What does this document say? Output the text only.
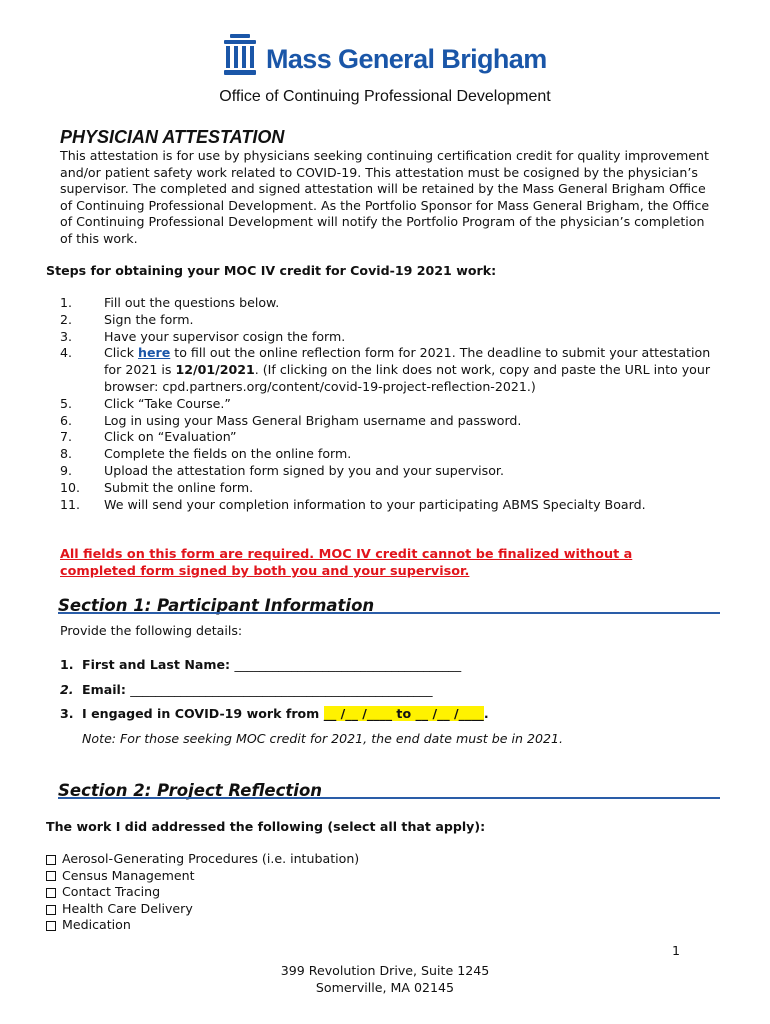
Mass General Brigham
Office of Continuing Professional Development
PHYSICIAN ATTESTATION
This attestation is for use by physicians seeking continuing certification credit for quality improvement and/or patient safety work related to COVID-19. This attestation must be cosigned by the physician’s supervisor. The completed and signed attestation will be retained by the Mass General Brigham Office of Continuing Professional Development. As the Portfolio Sponsor for Mass General Brigham, the Office of Continuing Professional Development will notify the Portfolio Program of the physician’s completion of this work.
Steps for obtaining your MOC IV credit for Covid-19 2021 work:
1.	Fill out the questions below.
2.	Sign the form.
3.	Have your supervisor cosign the form.
4.	Click here to fill out the online reflection form for 2021. The deadline to submit your attestation for 2021 is 12/01/2021. (If clicking on the link does not work, copy and paste the URL into your browser: cpd.partners.org/content/covid-19-project-reflection-2021.)
5.	Click “Take Course.”
6.	Log in using your Mass General Brigham username and password.
7.	Click on “Evaluation”
8.	Complete the fields on the online form.
9.	Upload the attestation form signed by you and your supervisor.
10.	Submit the online form.
11.	We will send your completion information to your participating ABMS Specialty Board.
All fields on this form are required. MOC IV credit cannot be finalized without a completed form signed by both you and your supervisor.
Section 1: Participant Information
Provide the following details:
1. First and Last Name: ____________________________________
2. Email: ________________________________________________
3. I engaged in COVID-19 work from __ /__ /____ to __ /__ /____.
Note: For those seeking MOC credit for 2021, the end date must be in 2021.
Section 2: Project Reflection
The work I did addressed the following (select all that apply):
Aerosol-Generating Procedures (i.e. intubation)
Census Management
Contact Tracing
Health Care Delivery
Medication
1
399 Revolution Drive, Suite 1245
Somerville, MA 02145
